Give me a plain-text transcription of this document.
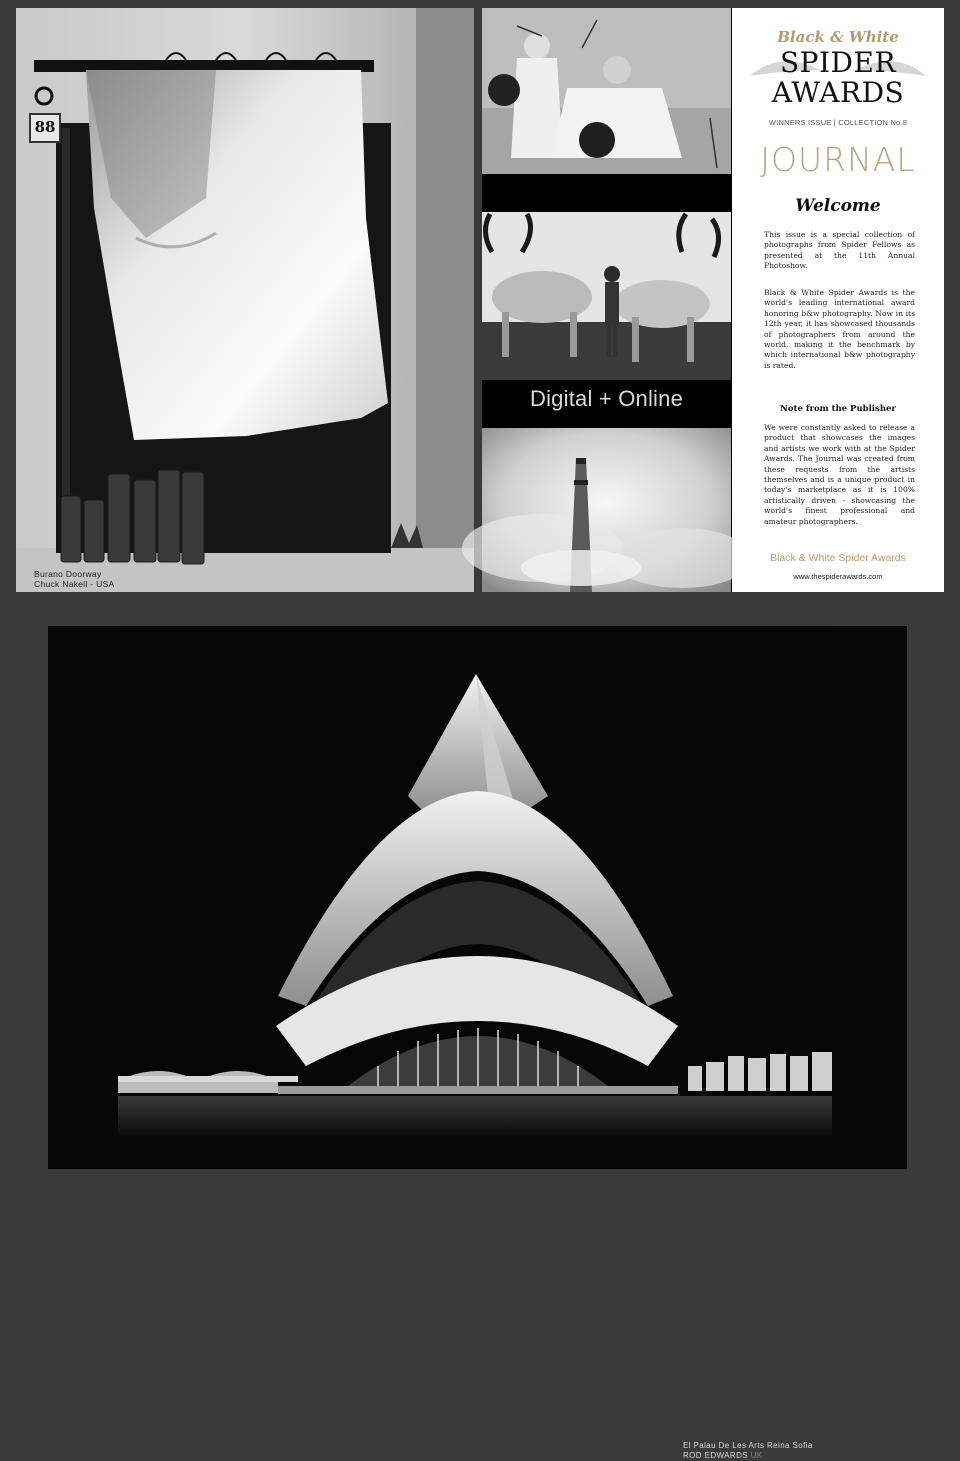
88
Burano Doorway
Chuck Nakell - USA
Digital + Online
Black & White
SPIDER
AWARDS
WINNERS ISSUE | COLLECTION No.8
JOURNAL
Welcome

This issue is a special collection of photographs from Spider Fellows as presented at the 11th Annual Photoshow.

Black & White Spider Awards is the world's leading international award honoring b&w photography. Now in its 12th year, it has showcased thousands of photographers from around the world, making it the benchmark by which international b&w photography is rated.

Note from the Publisher

We were constantly asked to release a product that showcases the images and artists we work with at the Spider Awards. The Journal was created from these requests from the artists themselves and is a unique product in today's marketplace as it is 100% artistically driven - showcasing the world's finest professional and amateur photographers.

Black & White Spider Awards
www.thespiderawards.com
El Palau De Les Arts Reina Sofia
ROD EDWARDS UK
